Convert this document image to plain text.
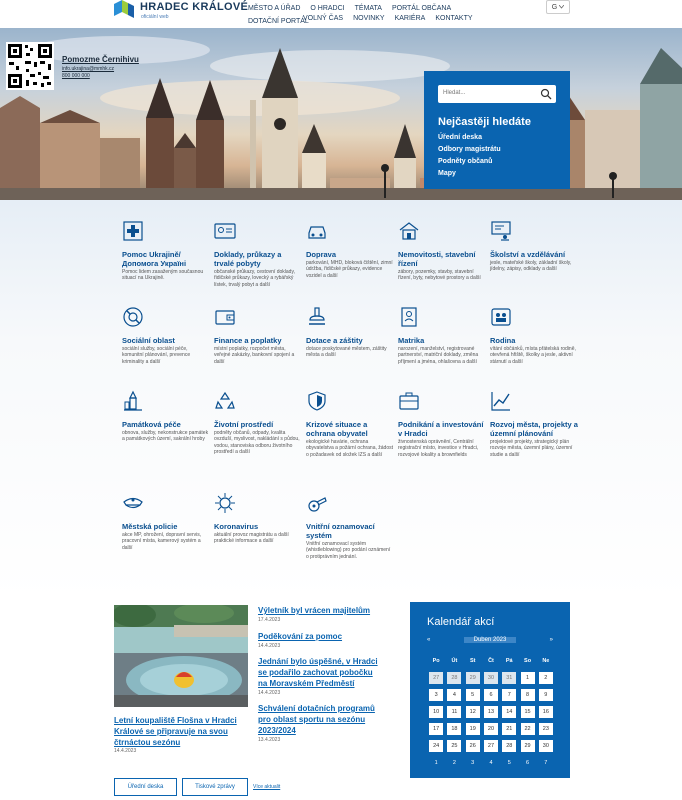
HRADEC KRÁLOVÉ
oficiální web
MĚSTO A ÚŘAD O HRADCI TÉMATA PORTÁL OBČANADOTAČNÍ PORTÁL
VOLNÝ ČAS NOVINKY KARIÉRA KONTAKTY
G
Pomozme Černihivu
info.ukrajina@mmhk.cz
800 000 000
Hledat...
Nejčastěji hledáte
Úřední deska
Odbory magistrátu
Podněty občanů
Mapy
Pomoc Ukrajině/ Допомога Україні
Pomoc lidem zasaženým současnou situací na Ukrajině.
Doklady, průkazy a trvalé pobyty
občanské průkazy, cestovní doklady, řidičské průkazy, lovecký a rybářský lístek, trvalý pobyt a další
Doprava
parkování, MHD, bloková čištění, zimní údržba, řidičské průkazy, evidence vozidel a další
Nemovitosti, stavební řízení
zábory, pozemky, stavby, stavební řízení, byty, nebytové prostory a další
Školství a vzdělávání
jesle, mateřské školy, základní školy, jídelny, zápisy, odklady a další
Sociální oblast
sociální služby, sociální péče, komunitní plánování, prevence kriminality a další
Finance a poplatky
místní poplatky, rozpočet města, veřejné zakázky, bankovní spojení a další
Dotace a záštity
dotace poskytované městem, záštity města a další
Matrika
narození, manželství, registrované partnerství, matriční doklady, změna příjmení a jména, ohlašovna a další
Rodina
vítání občánků, místa přátelská rodině, otevřená hřiště, školky a jesle, aktivní stárnutí a další
Památková péče
obnova, služby, nekonstrukce památek a památkových území, sakrální hroby
Životní prostředí
podněty občanů, odpady, kvalita ovzduší, myslivost, nakládání s půdou, vodou, stanoviska odboru životního prostředí a další
Krizové situace a ochrana obyvatel
ekologické havárie, ochrana obyvatelstva a požární ochrana, žádost o požadavek od složek IZS a další
Podnikání a investování v Hradci
živnostenská oprávnění, Centrální registrační místo, investice v Hradci, rozvojové lokality a brownfields
Rozvoj města, projekty a územní plánování
projektové projekty, strategický plán rozvoje města, územní plány, územní studie a další
Městská policie
akce MP, ohrožení, dopravní servis, pracovní místa, kamerový systém a další
Koronavirus
aktuální provoz magistrátu a další praktické informace a další
Vnitřní oznamovací systém
Vnitřní oznamovací systém (whistleblowing) pro podání oznámení o protiprávním jednání.
Letní koupaliště Flošna v Hradci Králové se připravuje na svou čtrnáctou sezónu
14.4.2023
Výletník byl vrácen majitelům
17.4.2023
Poděkování za pomoc
14.4.2023
Jednání bylo úspěšné, v Hradci se podařilo zachovat pobočku na Moravském Předměstí
14.4.2023
Schválení dotačních programů pro oblast sportu na sezónu 2023/2024
13.4.2023
Úřední deska	Tiskové zprávy	Více aktualit
Kalendář akcí
«	Duben 2023	»
Po	Út	St	Čt	Pá	So	Ne
27	28	29	30	31	1	2
3	4	5	6	7	8	9
10	11	12	13	14	15	16
17	18	19	20	21	22	23
24	25	26	27	28	29	30
1	2	3	4	5	6	7
